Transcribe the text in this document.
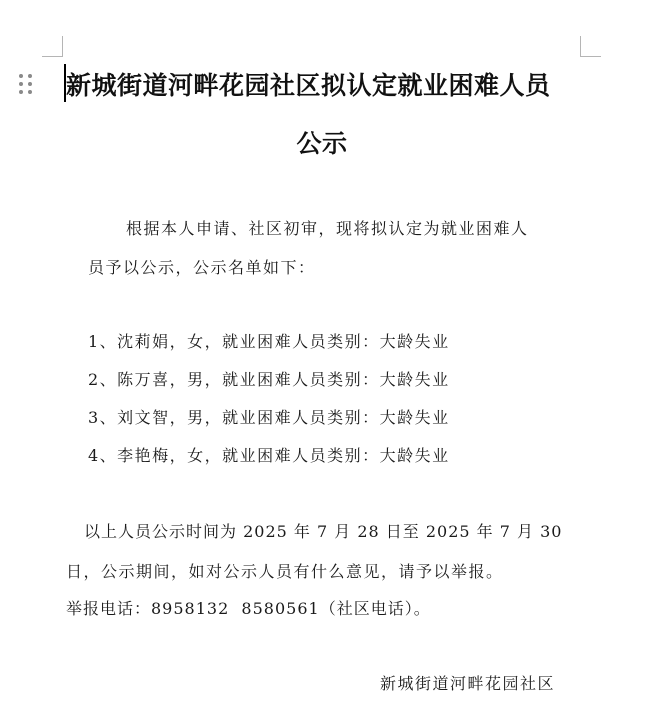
新城街道河畔花园社区拟认定就业困难人员
公示
根据本人申请、社区初审，现将拟认定为就业困难人
员予以公示，公示名单如下：
1、沈莉娟，女，就业困难人员类别：大龄失业
2、陈万喜，男，就业困难人员类别：大龄失业
3、刘文智，男，就业困难人员类别：大龄失业
4、李艳梅，女，就业困难人员类别：大龄失业
以上人员公示时间为 2025 年 7 月 28 日至 2025 年 7 月 30
日，公示期间，如对公示人员有什么意见，请予以举报。
举报电话：8958132  8580561（社区电话）。
新城街道河畔花园社区
